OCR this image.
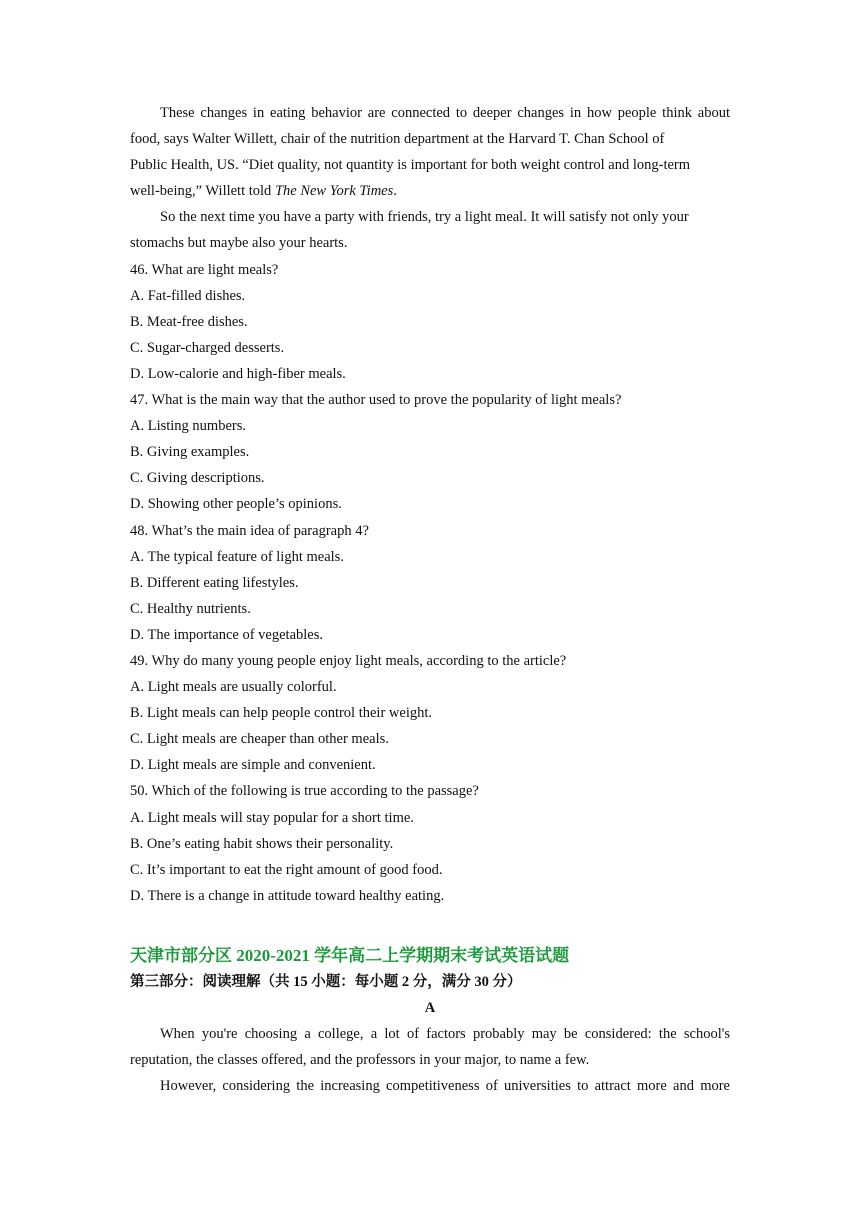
These changes in eating behavior are connected to deeper changes in how people think about

food, says Walter Willett, chair of the nutrition department at the Harvard T. Chan School of

Public Health, US. “Diet quality, not quantity is important for both weight control and long-term

well-being,” Willett told The New York Times.

So the next time you have a party with friends, try a light meal. It will satisfy not only your

stomachs but maybe also your hearts.

46. What are light meals?

A. Fat-filled dishes.

B. Meat-free dishes.

C. Sugar-charged desserts.

D. Low-calorie and high-fiber meals.

47. What is the main way that the author used to prove the popularity of light meals?

A. Listing numbers.

B. Giving examples.

C. Giving descriptions.

D. Showing other people’s opinions.

48. What’s the main idea of paragraph 4?

A. The typical feature of light meals.

B. Different eating lifestyles.

C. Healthy nutrients.

D. The importance of vegetables.

49. Why do many young people enjoy light meals, according to the article?

A. Light meals are usually colorful.

B. Light meals can help people control their weight.

C. Light meals are cheaper than other meals.

D. Light meals are simple and convenient.

50. Which of the following is true according to the passage?

A. Light meals will stay popular for a short time.

B. One’s eating habit shows their personality.

C. It’s important to eat the right amount of good food.

D. There is a change in attitude toward healthy eating.

天津市部分区 2020-2021 学年高二上学期期末考试英语试题

第三部分：阅读理解（共 15 小题：每小题 2 分，满分 30 分）

A

When you're choosing a college, a lot of factors probably may be considered: the school's

reputation, the classes offered, and the professors in your major, to name a few.

However, considering the increasing competitiveness of universities to attract more and more
